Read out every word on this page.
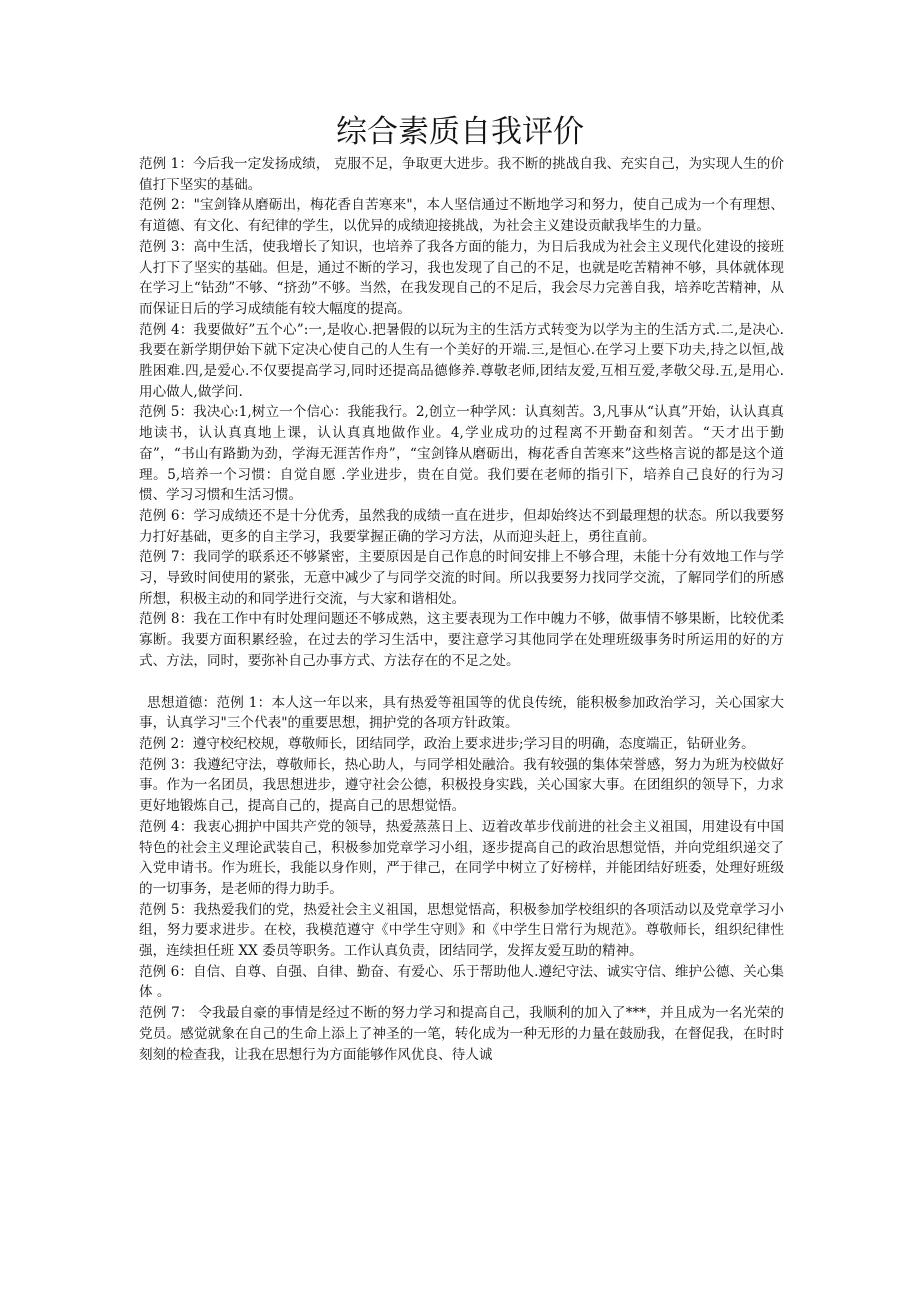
综合素质自我评价

范例 1：今后我一定发扬成绩， 克服不足，争取更大进步。我不断的挑战自我、充实自己，为实现人生的价值打下坚实的基础。

范例 2："宝剑锋从磨砺出，梅花香自苦寒来"，本人坚信通过不断地学习和努力，使自己成为一个有理想、有道德、有文化、有纪律的学生，以优异的成绩迎接挑战，为社会主义建设贡献我毕生的力量。

范例 3：高中生活，使我增长了知识，也培养了我各方面的能力，为日后我成为社会主义现代化建设的接班人打下了坚实的基础。但是，通过不断的学习，我也发现了自己的不足，也就是吃苦精神不够，具体就体现在学习上“钻劲”不够、“挤劲”不够。当然，在我发现自己的不足后，我会尽力完善自我，培养吃苦精神，从而保证日后的学习成绩能有较大幅度的提高。

范例 4：我要做好”五个心”:一,是收心.把暑假的以玩为主的生活方式转变为以学为主的生活方式.二,是决心.我要在新学期伊始下就下定决心使自己的人生有一个美好的开端.三,是恒心.在学习上要下功夫,持之以恒,战胜困难.四,是爱心.不仅要提高学习,同时还提高品德修养.尊敬老师,团结友爱,互相互爱,孝敬父母.五,是用心.用心做人,做学问.

范例 5：我决心:1,树立一个信心：我能我行。2,创立一种学风：认真刻苦。3,凡事从“认真”开始，认认真真地读书，认认真真地上课，认认真真地做作业。4,学业成功的过程离不开勤奋和刻苦。“天才出于勤奋”，“书山有路勤为劲，学海无涯苦作舟”，“宝剑锋从磨砺出，梅花香自苦寒来”这些格言说的都是这个道理。5,培养一个习惯：自觉自愿 .学业进步，贵在自觉。我们要在老师的指引下，培养自己良好的行为习惯、学习习惯和生活习惯。

范例 6：学习成绩还不是十分优秀，虽然我的成绩一直在进步，但却始终达不到最理想的状态。所以我要努力打好基础，更多的自主学习，我要掌握正确的学习方法，从而迎头赶上，勇往直前。

范例 7：我同学的联系还不够紧密，主要原因是自己作息的时间安排上不够合理，未能十分有效地工作与学习，导致时间使用的紧张，无意中减少了与同学交流的时间。所以我要努力找同学交流，了解同学们的所感所想，积极主动的和同学进行交流，与大家和谐相处。

范例 8：我在工作中有时处理问题还不够成熟，这主要表现为工作中魄力不够，做事情不够果断，比较优柔寡断。我要方面积累经验，在过去的学习生活中，要注意学习其他同学在处理班级事务时所运用的好的方式、方法，同时，要弥补自己办事方式、方法存在的不足之处。

思想道德：范例 1：本人这一年以来，具有热爱等祖国等的优良传统，能积极参加政治学习，关心国家大事，认真学习"三个代表"的重要思想，拥护党的各项方针政策。

范例 2：遵守校纪校规，尊敬师长，团结同学，政治上要求进步;学习目的明确，态度端正，钻研业务。

范例 3：我遵纪守法，尊敬师长，热心助人，与同学相处融洽。我有较强的集体荣誉感，努力为班为校做好事。作为一名团员，我思想进步，遵守社会公德，积极投身实践，关心国家大事。在团组织的领导下，力求更好地锻炼自己，提高自己的，提高自己的思想觉悟。

范例 4：我衷心拥护中国共产党的领导，热爱蒸蒸日上、迈着改革步伐前进的社会主义祖国，用建设有中国特色的社会主义理论武装自己，积极参加党章学习小组，逐步提高自己的政治思想觉悟，并向党组织递交了入党申请书。作为班长，我能以身作则，严于律己，在同学中树立了好榜样，并能团结好班委，处理好班级的一切事务，是老师的得力助手。

范例 5：我热爱我们的党，热爱社会主义祖国，思想觉悟高，积极参加学校组织的各项活动以及党章学习小组，努力要求进步。在校，我模范遵守《中学生守则》和《中学生日常行为规范》。尊敬师长，组织纪律性强，连续担任班 XX 委员等职务。工作认真负责，团结同学，发挥友爱互助的精神。

范例 6：自信、自尊、自强、自律、勤奋、有爱心、乐于帮助他人.遵纪守法、诚实守信、维护公德、关心集体 。

范例 7： 令我最自豪的事情是经过不断的努力学习和提高自己，我顺利的加入了***，并且成为一名光荣的党员。感觉就象在自己的生命上添上了神圣的一笔，转化成为一种无形的力量在鼓励我，在督促我，在时时刻刻的检查我，让我在思想行为方面能够作风优良、待人诚
